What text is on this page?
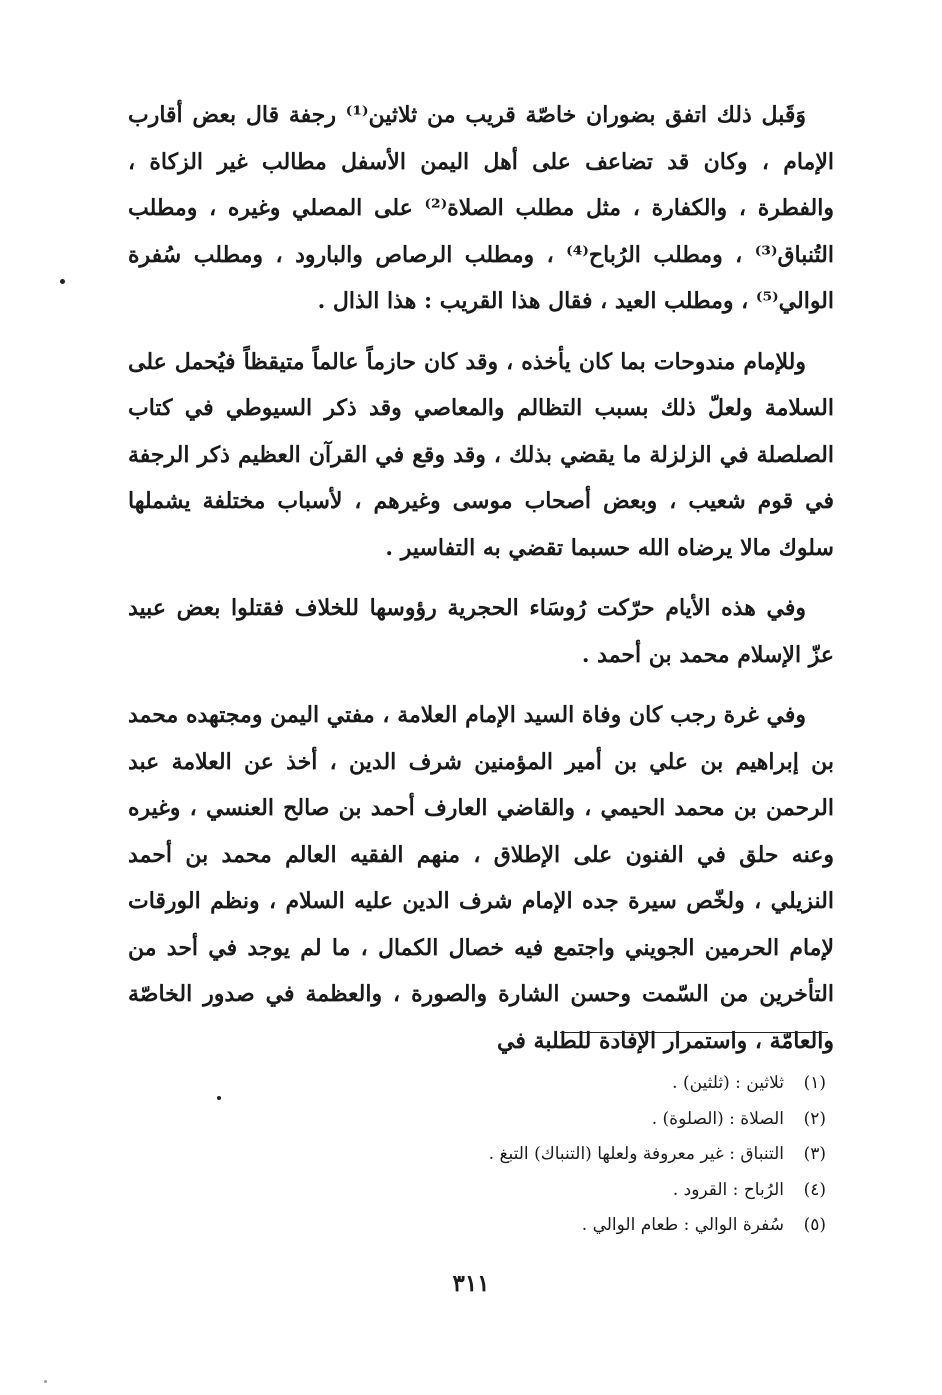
وَقَبل ذلك اتفق بضوران خاصّة قريب من ثلاثين⁽¹⁾ رجفة قال بعض أقارب الإمام ، وكان قد تضاعف على أهل اليمن الأسفل مطالب غير الزكاة ، والفطرة ، والكفارة ، مثل مطلب الصلاة⁽²⁾ على المصلي وغيره ، ومطلب التُنباق⁽³⁾ ، ومطلب الرُباح⁽⁴⁾ ، ومطلب الرصاص والبارود ، ومطلب سُفرة الوالي⁽⁵⁾ ، ومطلب العيد ، فقال هذا القريب : هذا الذال .

وللإمام مندوحات بما كان يأخذه ، وقد كان حازماً عالماً متيقظاً فيُحمل على السلامة ولعلّ ذلك بسبب التظالم والمعاصي وقد ذكر السيوطي في كتاب الصلصلة في الزلزلة ما يقضي بذلك ، وقد وقع في القرآن العظيم ذكر الرجفة في قوم شعيب ، وبعض أصحاب موسى وغيرهم ، لأسباب مختلفة يشملها سلوك مالا يرضاه الله حسبما تقضي به التفاسير .

وفي هذه الأيام حرّكت رُوسَاء الحجرية رؤوسها للخلاف فقتلوا بعض عبيد عزّ الإسلام محمد بن أحمد .

وفي غرة رجب كان وفاة السيد الإمام العلامة ، مفتي اليمن ومجتهده محمد بن إبراهيم بن علي بن أمير المؤمنين شرف الدين ، أخذ عن العلامة عبد الرحمن بن محمد الحيمي ، والقاضي العارف أحمد بن صالح العنسي ، وغيره وعنه حلق في الفنون على الإطلاق ، منهم الفقيه العالم محمد بن أحمد النزيلي ، ولخّص سيرة جده الإمام شرف الدين عليه السلام ، ونظم الورقات لإمام الحرمين الجويني واجتمع فيه خصال الكمال ، ما لم يوجد في أحد من التأخرين من السّمت وحسن الشارة والصورة ، والعظمة في صدور الخاصّة والعامّة ، واستمرار الإفادة للطلبة في

(١)ثلاثين : (ثلثين) .
(٢)الصلاة : (الصلوة) .
(٣)التنباق : غير معروفة ولعلها (التنباك) التبغ .
(٤)الرُباح : القرود .
(٥)سُفرة الوالي : طعام الوالي .
٣١١
